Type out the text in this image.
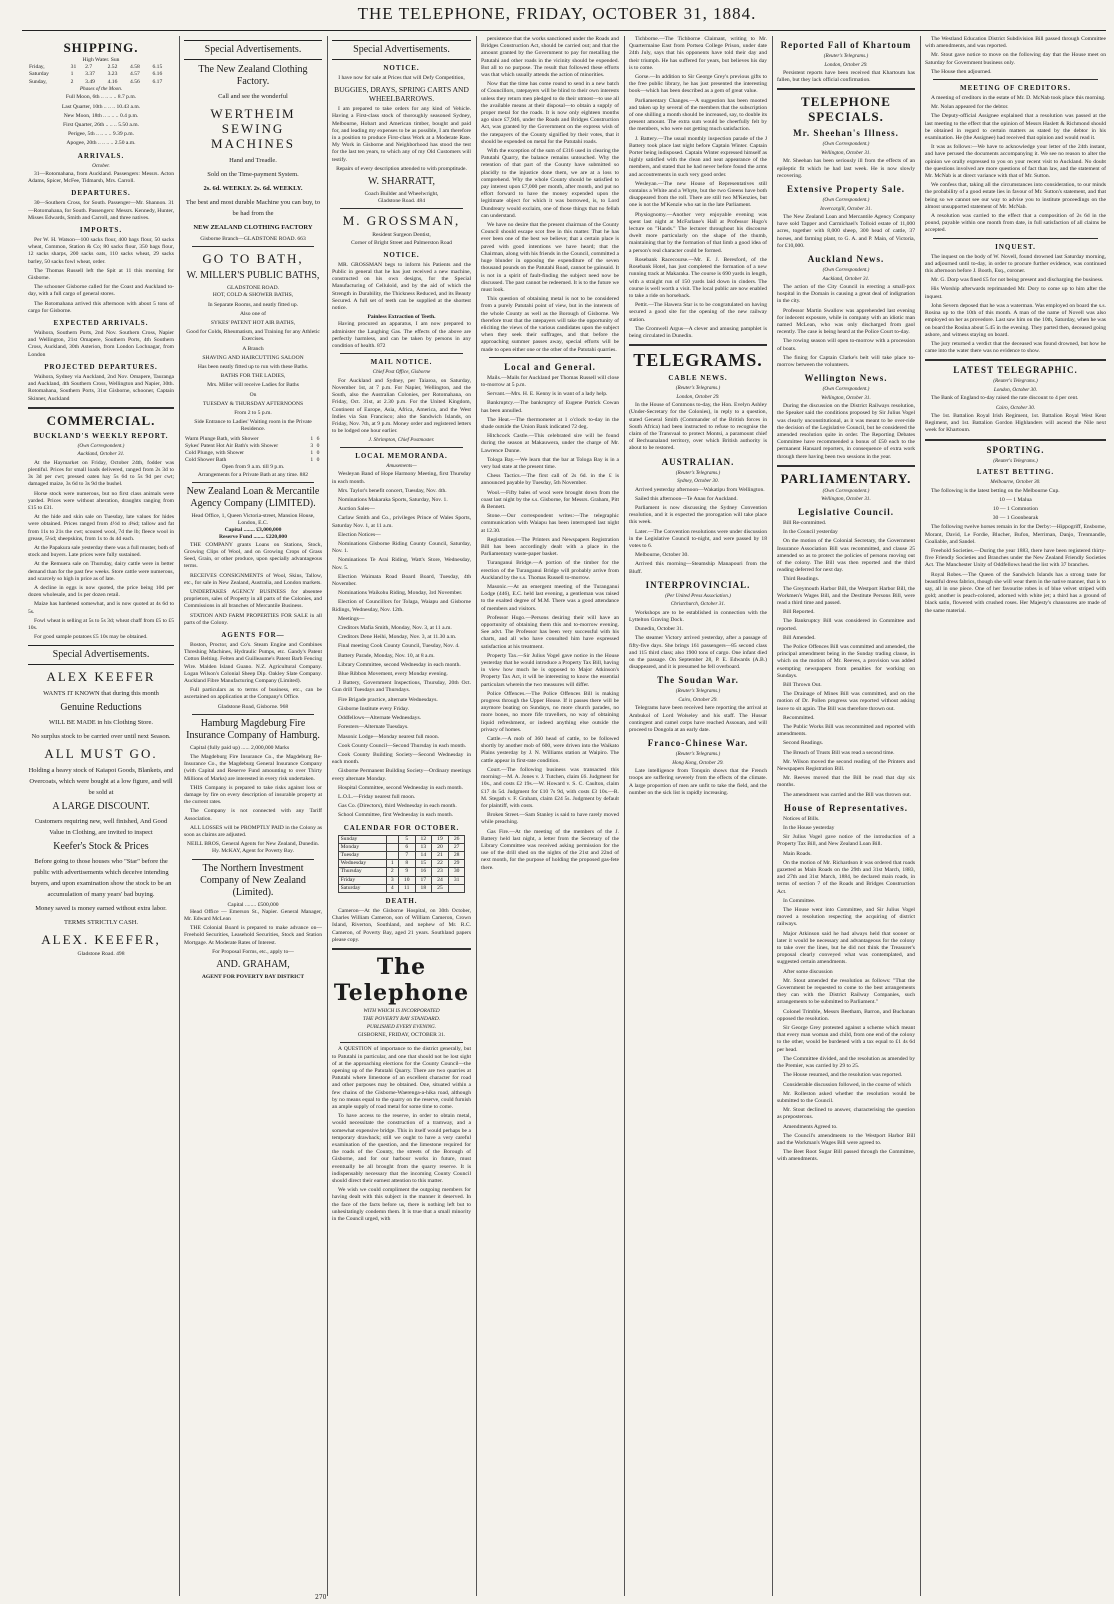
THE TELEPHONE, FRIDAY, OCTOBER 31, 1884.
SHIPPING.
High Water. Sun
Friday,	31	2.7	2.52	4.58	6.15
Saturday	1	3.37	3.23	4.57	6.16
Sunday,	2	3.49	4.16	4.56	6.17
Phases of the Moon.

Full Moon, 6th .. .. .. .. 8.7 p.m.

Last Quarter, 10th .. .. .. 10.43 a.m.

New Moon, 18th .. .. .. .. 0.4 p.m.

First Quarter, 26th .. .. .. 5.50 a.m.

Perigee, 5th .. .. .. .. 9.39 p.m.

Apogee, 20th .. .. .. .. 2.50 a.m.

ARRIVALS.
October.

31—Rotomahana, from Auckland. Passengers: Messrs. Acton Adams, Spicer, McFee, Tidmarsh, Mrs. Carroll.

DEPARTURES.

30—Southern Cross, for South. Passenger—Mr. Shannon. 31—Rotomahana, for South. Passengers: Messrs. Kennedy, Hunter, Misses Edwards, Smith and Carroll, and three natives.

IMPORTS.

Per W. H. Watson—100 sacks flour, 400 bags flour, 50 sacks wheat, Common, Station & Co; 80 sacks flour, 350 bags flour, 12 sacks sharps, 200 sacks oats, 110 sacks wheat, 29 sacks barley, 50 sacks fowl wheat, order.

The Thomas Russell left the Spit at 11 this morning for Gisborne.

The schooner Gisborne called for the Coast and Auckland to-day, with a full cargo of general stores.

The Rotomahana arrived this afternoon with about 5 tons of cargo for Gisborne.

EXPECTED ARRIVALS.

Waihora, Southern Ports, 2nd Nov. Southern Cross, Napier and Wellington, 21st Omapere, Southern Ports, 4th Southern Cross, Auckland, 30th Asterion, from London Lochnagar, from London

PROJECTED DEPARTURES.

Waihora, Sydney via Auckland, 2nd Nov. Omapere, Tauranga and Auckland, 4th Southern Cross, Wellington and Napier, 30th. Rotomahana, Southern Ports, 31st Gisborne, schooner, Captain Skinner, Auckland

COMMERCIAL.
BUCKLAND'S WEEKLY REPORT.
(Own Correspondent.)
Auckland, October 31.

At the Haymarket on Friday, October 24th, fodder was plentiful. Prices for small loads delivered, ranged from 2s 3d to 3s 3d per cwt; pressed oaten hay 5s 6d to 5s 9d per cwt; damaged maize, 3s 6d to 3s 9d the bushel.

Horse stock were numerous, but no first class animals were yarded. Prices were without alteration, draughts ranging from £15 to £31.

At the hide and skin sale on Tuesday, late values for hides were obtained. Prices ranged from 4½d to 4¾d; tallow and fat from 11s to 21s the cwt; scoured wool, 7d the lb; fleece wool in grease, 5¼d; sheepskins, from 1s to 4s 4d each.

At the Papakura sale yesterday there was a full muster, both of stock and buyers. Late prices were fully sustained.

At the Remuera sale on Thursday, dairy cattle were in better demand than for the past few weeks. Store cattle were numerous, and scarcely so high in price as of late.

A decline in eggs is now quoted, the price being 10d per dozen wholesale, and 1s per dozen retail.

Maize has hardened somewhat, and is now quoted at 4s 6d to 5s.

Fowl wheat is selling at 5s to 5s 3d; wheat chaff from £5 to £5 10s.

For good sample potatoes £5 10s may be obtained.

Special Advertisements.
ALEX KEEFER
WANTS IT KNOWN that during this month
Genuine Reductions
WILL BE MADE in his Clothing Store.
No surplus stock to be carried over until next Season.
ALL MUST GO.
Holding a heavy stock of Kaiapoi Goods, Blankets, and Overcoats, which were bought at a low figure, and will be sold at
A LARGE DISCOUNT.
Customers requiring new, well finished, And Good Value in Clothing, are invited to inspect
Keefer's Stock & Prices
Before going to those houses who "Star" before the public with advertisements which deceive intending buyers, and upon examination show the stock to be an accumulation of many years' bad buying.
Money saved is money earned without extra labor.
TERMS STRICTLY CASH.
ALEX. KEEFER,
Gladstone Road. 498
Special Advertisements.
The New Zealand Clothing Factory.
Call and see the wonderful
WERTHEIM SEWING MACHINES
Hand and Treadle.
Sold on the Time-payment System.
2s. 6d. WEEKLY. 2s. 6d. WEEKLY.
The best and most durable Machine you can buy, to be had from the
NEW ZEALAND CLOTHING FACTORY
Gisborne Branch—GLADSTONE ROAD. 663
GO TO BATH,
W. MILLER'S PUBLIC BATHS,
GLADSTONE ROAD.

HOT, COLD & SHOWER BATHS,

In Separate Rooms, and neatly fitted up.

Also one of

SYKES' PATENT HOT AIR BATHS,

Good for Colds, Rheumatism, and Training for any Athletic Exercises.

A Branch

SHAVING AND HAIRCUTTING SALOON

Has been neatly fitted up to run with these Baths.

BATHS FOR THE LADIES,

Mrs. Miller will receive Ladies for Baths

On

TUESDAY & THURSDAY AFTERNOONS

From 2 to 5 p.m.

Side Entrance to Ladies' Waiting room in the Private Residence.

Warm Plunge Bath, with Shower	1	6
Sykes' Patent Hot Air Bath's with Shower	3	0
Cold Plunge, with Shower	1	0
Cold Shower Bath	1	0
Open from 9 a.m. till 9 p.m.
Arrangements for a Private Bath at any time. 882
New Zealand Loan & Mercantile Agency Company (LIMITED).
Head Office, 1, Queen Victoria-street, Mansion House, London, E.C.
Capital ........ £3,000,000
Reserve Fund ........ £220,000

THE COMPANY grants Loans on Stations, Stock, Growing Clips of Wool, and on Growing Crops of Grass Seed, Grain, or other produce, upon specially advantageous terms.

RECEIVES CONSIGNMENTS of Wool, Skins, Tallow, etc., for sale in New Zealand, Australia, and London markets.

UNDERTAKES AGENCY BUSINESS for absentee proprietors, sales of Property in all parts of the Colonies, and Commissions in all branches of Mercantile Business.

STATION AND FARM PROPERTIES FOR SALE in all parts of the Colony.

AGENTS FOR—

Boston, Proctor, and Co's. Steam Engine and Combines Threshing Machines, Hydraulic Pumps, etc. Gandy's Patent Cotton Belting. Felten and Guilleaume's Patent Barb Fencing Wire. Malden Island Guano. N.Z. Agricultural Company. Logan Wilson's Colonial Sheep Dip. Oakley Slate Company. Auckland Fibre Manufacturing Company (Limited).

Full particulars as to terms of business, etc., can be ascertained on application at the Company's Office.

Gladstone Road, Gisborne. 968
Hamburg Magdeburg Fire Insurance Company of Hamburg.

Capital (fully paid up) ...... 2,000,000 Marks

The Magdeburg Fire Insurance Co., the Magdeburg Re-Insurance Co., the Magdeburg General Insurance Company (with Capital and Reserve Fund amounting to over Thirty Millions of Marks) are interested in every risk undertaken.

THIS Company is prepared to take risks against loss or damage by fire on every description of insurable property at the current rates.

The Company is not connected with any Tariff Association.

ALL LOSSES will be PROMPTLY PAID in the Colony as soon as claims are adjusted.

NEILL BROS, General Agents for New Zealand, Dunedin.
Hy. McKAY, Agent for Poverty Bay.
The Northern Investment Company of New Zealand (Limited).
Capital ........ £500,000

Head Office — Emerson St., Napier. General Manager, Mr. Edward McLean

THE Colonial Board is prepared to make advance on— Freehold Securities, Leasehold Securities, Stock and Station Mortgage. At Moderate Rates of Interest.

For Proposal Forms, etc., apply to—
AND. GRAHAM,
AGENT FOR POVERTY BAY DISTRICT
Special Advertisements.
NOTICE.
I have now for sale at Prices that will Defy Competition,
BUGGIES, DRAYS, SPRING CARTS AND WHEELBARROWS.

I am prepared to take orders for any kind of Vehicle. Having a First-class stock of thoroughly seasoned Sydney, Melbourne, Hobart and American timber, bought and paid for, and leading my expenses to be as possible, I am therefore in a position to produce First-class Work at a Moderate Rate. My Work in Gisborne and Neighborhood has stood the test for the last ten years, to which any of my Old Customers will testify.

Repairs of every description attended to with promptitude.
W. SHARRATT,
Coach Builder and Wheelwright,
Gladstone Road. 484
M. GROSSMAN,
Resident Surgeon Dentist,
Corner of Bright Street and Palmerston Road
NOTICE.

MR. GROSSMAN begs to inform his Patients and the Public in general that he has just received a new machine, constructed on his own designs, for the Special Manufacturing of Celluloid, and by the aid of which the Strength in Durability, the Thickness Reduced, and its Beauty Secured. A full set of teeth can be supplied at the shortest notice.

Painless Extraction of Teeth.

Having procured an apparatus, I am now prepared to administer the Laughing Gas. The effects of the above are perfectly harmless, and can be taken by persons in any condition of health. 872

MAIL NOTICE.
Chief Post Office, Gisborne

For Auckland and Sydney, per Taiaroa, on Saturday, November 1st, at 7 p.m. For Napier, Wellington, and the South, also the Australian Colonies, per Rotomahana, on Friday, Oct. 31st, at 2.30 p.m. For the United Kingdom, Continent of Europe, Asia, Africa, America, and the West Indies via San Francisco; also the Sandwich Islands, on Friday, Nov. 7th, at 9 p.m. Money order and registered letters to be lodged one hour earlier.

J. Shrimpton, Chief Postmaster.
LOCAL MEMORANDA.
Amusements—

Wesleyan Band of Hope Harmony Meeting, first Thursday in each month.

Mrs. Taylor's benefit concert, Tuesday, Nov. 4th.

Nominations Makaraka Sports, Saturday, Nov. 1.

Auction Sales—

Carlaw Smith and Co., privileges Prince of Wales Sports, Saturday Nov. 1, at 11 a.m.

Election Notices—

Nominations Gisborne Riding County Council, Saturday, Nov. 1.

Nominations Te Arai Riding, Watt's Store, Wednesday, Nov. 5.

Election Waimata Road Board Board, Tuesday, 4th November.

Nominations Waikohu Riding, Monday, 3rd November.

Election of Councillors for Tolaga, Waiapu and Gisborne Ridings, Wednesday, Nov. 12th.

Meetings—

Creditors Mafia Smith, Monday, Nov. 3, at 11 a.m.

Creditors Dene Heihi, Monday, Nov. 3, at 11.30 a.m.

Final meeting Cook County Council, Tuesday, Nov. 4.

Battery Parade, Monday, Nov. 10, at 8 a.m.

Library Committee, second Wednesday in each month.

Blue Ribbon Movement, every Monday evening.

J Battery, Government Inspections, Thursday, 20th Oct. Gun drill Tuesdays and Thursdays.

Fire Brigade practice, alternate Wednesdays.

Gisborne Institute every Friday.

Oddfellows—Alternate Wednesdays.

Foresters—Alternate Tuesdays.

Masonic Lodge—Monday nearest full moon.

Cook County Council—Second Thursday in each month.

Cook County Building Society—Second Wednesday in each month.

Gisborne Permanent Building Society—Ordinary meetings every alternate Monday.

Hospital Committee, second Wednesday in each month.

L.O.L.—Friday nearest full moon.

Gas Co. (Directors), third Wednesday in each month.

School Committee, first Wednesday in each month.

CALENDAR FOR OCTOBER.
Sunday		5	12	19	26
Monday		6	13	20	27
Tuesday		7	14	21	28
Wednesday	1	8	15	22	29
Thursday	2	9	16	23	30
Friday	3	10	17	24	31
Saturday	4	11	18	25	
DEATH.

Cameron—At the Gisborne Hospital, on 30th October, Charles William Cameron, son of William Cameron, Crown Island, Riverton, Southland, and nephew of Mr. R.C. Cameron, of Poverty Bay, aged 21 years. Southland papers please copy.

The Telephone
WITH WHICH IS INCORPORATED
THE POVERTY BAY STANDARD.
PUBLISHED EVERY EVENING.
GISBORNE, FRIDAY, OCTOBER 31.

A QUESTION of importance to the district generally, but to Patutahi in particular, and one that should not be lost sight of at the approaching elections for the County Council—the opening up of the Patutahi Quarry. There are two quarries at Patutahi where limestone of an excellent character for road and other purposes may be obtained. One, situated within a few chains of the Gisborne-Waerenga-a-hika road, although by no means equal to the quarry on the reserve, could furnish an ample supply of road metal for some time to come.

To have access to the reserve, in order to obtain metal, would necessitate the construction of a tramway, and a somewhat expensive bridge. This in itself would perhaps be a temporary drawback; still we ought to have a very careful examination of the question, and the limestone required for the roads of the County, the streets of the Borough of Gisborne, and for our harbour works in future, must eventually be all brought from the quarry reserve. It is indispensably necessary that the incoming County Council should direct their earnest attention to this matter.

We wish we could compliment the outgoing members for having dealt with this subject in the manner it deserved. In the face of the facts before us, there is nothing left but to unhesitatingly condemn them. It is true that a small minority in the Council urged, with

persistence that the works sanctioned under the Roads and Bridges Construction Act, should be carried out; and that the amount granted by the Government to pay for metalling the Patutahi and other roads in the vicinity should be expended. But all to no purpose. The result that followed these efforts was that which usually attends the action of minorities.

Now that the time has come round to send in a new batch of Councillors, ratepayers will be blind to their own interests unless they return men pledged to do their utmost—to use all the available means at their disposal—to obtain a supply of proper metal for the roads. It is now only eighteen months ago since £7,946, under the Roads and Bridges Construction Act, was granted by the Government on the express wish of the ratepayers of the County signified by their votes, that it should be expended on metal for the Patutahi roads.

With the exception of the sum of £316 used in clearing the Patutahi Quarry, the balance remains untouched. Why the retention of that part of the County have submitted so placidly to the injustice done them, we are at a loss to comprehend. Why the whole County should be satisfied to pay interest upon £7,000 per month, after month, and put no effort forward to have the money expended upon the legitimate object for which it was borrowed, is, to Lord Dundreary would exclaim, one of those things that no fellah can understand.

We have no desire that the present chairman of the County Council should escape scot free in this matter. That he has ever been one of the best we believe; that a certain place is paved with good intentions we have heard; that the Chairman, along with his friends in the Council, committed a huge blunder in opposing the expenditure of the seven thousand pounds on the Patutahi Road, cannot be gainsaid. It is not in a spirit of fault-finding the subject need now be discussed. The past cannot be redeemed. It is to the future we must look.

This question of obtaining metal is not to be considered from a purely Patutahi point of view, but in the interests of the whole County as well as the Borough of Gisborne. We therefore trust that the ratepayers will take the opportunity of eliciting the views of the various candidates upon the subject when they seek their suffrages, and that before the approaching summer passes away, special efforts will be made to open either one or the other of the Patutahi quarries.

Local and General.

Mails.—Mails for Auckland per Thomas Russell will close to-morrow at 5 p.m.

Servant.—Mrs. H. E. Kenny is in want of a lady help.

Bankruptcy.—The bankruptcy of Eugene Patrick Cowan has been annulled.

The Heat.—The thermometer at 1 o'clock to-day in the shade outside the Union Bank indicated 72 deg.

Hitchcock Castle.—This celebrated sire will be found during the season at Makauwera, under the charge of Mr. Lawrence Dunne.

Tologa Bay.—We learn that the bar at Tologa Bay is in a very bad state at the present time.

Chess Tactics.—The first call of 2s 6d. in the £ is announced payable by Tuesday, 5th November.

Wool.—Fifty bales of wool were brought down from the coast last night by the s.s. Gisborne, for Messrs. Graham, Pitt & Bennett.

Stone.—Our correspondent writes:—The telegraphic communication with Waiapu has been interrupted last night at 12.30.

Registration.—The Printers and Newspapers Registration Bill has been accordingly dealt with a place in the Parliamentary waste-paper basket.

Turanganui Bridge.—A portion of the timber for the erection of the Turanganui Bridge will probably arrive from Auckland by the s.s. Thomas Russell to-morrow.

Masonic.—At an emergent meeting of the Turanganui Lodge (446), E.C. held last evening, a gentleman was raised to the exalted degree of M.M. There was a good attendance of members and visitors.

Professor Hugo.—Persons desiring their will have an opportunity of obtaining them this and to-morrow evening. See advt. The Professor has been very successful with his charts, and all who have consulted him have expressed satisfaction at his treatment.

Property Tax.—Sir Julius Vogel gave notice in the House yesterday that he would introduce a Property Tax Bill, having in view how much he is opposed to Major Atkinson's Property Tax Act, it will be interesting to know the essential particulars wherein the two measures will differ.

Police Offences.—The Police Offences Bill is making progress through the Upper House. If it passes there will be anymore boating on Sundays, no more church parades, no more bones, no more fife travellers, no way of obtaining liquid refreshment, or indeed anything else outside the privacy of homes.

Cattle.—A mob of 360 head of cattle, to be followed shortly by another mob of 600, were driven into the Waikato Plains yesterday by J. N. Williams station at Waipiro. The cattle appear in first-rate condition.

Court.—The following business was transacted this morning:—M. A. Jones v. J. Tutchen, claim £6. Judgment for 10s., and costs £2 19s.—W. Howard v. S. C. Caulton, claim £17 4s 5d. Judgment for £10 7s 9d, with costs £3 10s.—R. M. Stegath v. F. Graham, claim £24 5s. Judgment by default for plaintiff, with costs.

Broken Street.—Sam Stanley is said to have rarely moved while preaching.

Gas Fire.—At the meeting of the members of the J. Battery held last night, a letter from the Secretary of the Library Committee was received asking permission for the use of the drill shed on the nights of the 21st and 22nd of next month, for the purpose of holding the proposed gas-fete there.

Tichborne.—The Tichborne Claimant, writing to Mr. Quartermaine East from Portsea College Prison, under date 24th July, says that his opponents have told their day and their triumph. He has suffered for years, but believes his day is to come.

Gorse.—In addition to Sir George Grey's previous gifts to the free public library, he has just presented the interesting book—which has been described as a gem of great value.

Parliamentary Changes.—A suggestion has been mooted and taken up by several of the members that the subscription of one shilling a month should be increased, say, to double its present amount. The extra sum would be cheerfully felt by the members, who were not getting much satisfaction.

J. Battery.—The usual monthly inspection parade of the J Battery took place last night before Captain Winter. Captain Porter being indisposed. Captain Winter expressed himself as highly satisfied with the clean and neat appearance of the members, and stated that he had never before found the arms and accoutrements in such very good order.

Wesleyan.—The new House of Representatives still contains a White and a Whyte, but the two Greens have both disappeared from the roll. There are still two M'Kenzies, but one is not the M'Kenzie who sat in the late Parliament.

Physiognomy.—Another very enjoyable evening was spent last night at McFarlane's Hall at Professor Hugo's lecture on "Hands." The lecturer throughout his discourse dwelt more particularly on the shape of the thumb, maintaining that by the formation of that limb a good idea of a person's real character could be formed.

Rosebank Racecourse.—Mr. E. J. Beresford, of the Rosebank Hotel, has just completed the formation of a new running track at Makaraka. The course is 690 yards in length, with a straight run of 150 yards laid down in cinders. The course is well worth a visit. The local public are now enabled to take a ride on horseback.

Pettit.—The Hawera Star is to be congratulated on having secured a good site for the opening of the new railway station.

The Cromwell Argus—A clever and amusing pamphlet is being circulated in Dunedin.

TELEGRAMS.
CABLE NEWS.
(Reuter's Telegrams.)
London, October 29.

In the House of Commons to-day, the Hon. Evelyn Ashley (Under-Secretary for the Colonies), in reply to a question, stated General Smith (Commander of the British forces in South Africa) had been instructed to refuse to recognise the claim of the Transvaal to protect Montsi, a paramount chief of Bechuanaland territory, over which British authority is about to be restored.

AUSTRALIAN.
(Reuter's Telegrams.)
Sydney, October 30.

Arrived yesterday afternoon—Wakatipu from Wellington.

Sailed this afternoon—Te Anau for Auckland.

Parliament is now discussing the Sydney Convention resolution, and it is expected the prorogation will take place this week.

Later.—The Convention resolutions were under discussion in the Legislative Council to-night, and were passed by 18 votes to 6.

Melbourne, October 30.

Arrived this morning—Steamship Manapouri from the Bluff.

INTERPROVINCIAL.
(Per United Press Association.)
Christchurch, October 31.

Workshops are to be established in connection with the Lyttelton Graving Dock.

Dunedin, October 31.

The steamer Victory arrived yesterday, after a passage of fifty-five days. She brings 161 passengers—85 second class and 115 third class; also 1900 tons of cargo. One infant died on the passage. On September 28, P. E. Edwards (A.B.) disappeared, and it is presumed he fell overboard.

The Soudan War.
(Reuter's Telegrams.)
Cairo, October 29.

Telegrams have been received here reporting the arrival at Ambukol of Lord Wolseley and his staff. The Hussar contingent and camel corps have reached Assouan, and will proceed to Dongola at an early date.

Franco-Chinese War.
(Reuter's Telegrams.)
Hong Kong, October 29.

Late intelligence from Tonquin shows that the French troops are suffering severely from the effects of the climate. A large proportion of men are unfit to take the field, and the number on the sick list is rapidly increasing.

Reported Fall of Khartoum
(Reuter's Telegrams.)
London, October 29.

Persistent reports have been received that Khartoum has fallen, but they lack official confirmation.

TELEPHONE SPECIALS.
Mr. Sheehan's Illness.
(Own Correspondent.)
Wellington, October 31.

Mr. Sheehan has been seriously ill from the effects of an epileptic fit which he had last week. He is now slowly recovering.

Extensive Property Sale.
(Own Correspondent.)
Invercargill, October 31.

The New Zealand Loan and Mercantile Agency Company have sold Tapper and Carmichael's Tolloid estate of 11,000 acres, together with 8,000 sheep, 300 head of cattle, 37 horses, and farming plant, to G. A. and P. Main, of Victoria, for £10,000.

Auckland News.
(Own Correspondent.)
Auckland, October 31.

The action of the City Council in erecting a small-pox hospital in the Domain is causing a great deal of indignation in the city.

Professor Martin Swallow was apprehended last evening for indecent exposure, while in company with an idiotic man named McLean, who was only discharged from gaol recently. The case is being heard at the Police Court to-day.

The rowing season will open to-morrow with a procession of boats.

The fining for Captain Clarke's belt will take place to-morrow between the volunteers.

Wellington News.
(Own Correspondent.)
Wellington, October 31.

During the discussion on the District Railways resolution, the Speaker said the conditions proposed by Sir Julius Vogel was clearly unconstitutional, as it was meant to be over-ride the decision of the Legislative Council, but he considered the amended resolution quite in order. The Reporting Debates Committee have recommended a bonus of £50 each to the permanent Hansard reporters, in consequence of extra work through there having been two sessions in the year.

PARLIAMENTARY.
(Own Correspondent.)
Wellington, October 31.
Legislative Council.

Bill Re-committed.

In the Council yesterday

On the motion of the Colonial Secretary, the Government Insurance Association Bill was recommitted, and clause 25 amended so as to protect the policies of persons moving out of the colony. The Bill was then reported and the third reading deferred for next day.

Third Readings.

The Greymouth Harbor Bill, the Westport Harbor Bill, the Workmen's Wages Bill, and the Destitute Persons Bill, were read a third time and passed.

Bill Reported.

The Bankruptcy Bill was considered in Committee and reported.

Bill Amended.

The Police Offences Bill was committed and amended, the principal amendment being in the Sunday trading clause, in which on the motion of Mr. Reeves, a provision was added exempting newspapers from penalties for working on Sundays.

Bill Thrown Out.

The Drainage of Mines Bill was committed, and on the motion of Dr. Pollen progress was reported without asking leave to sit again. The Bill was therefore thrown out.

Recommitted.

The Public Works Bill was recommitted and reported with amendments.

Second Readings.

The Breach of Trusts Bill was read a second time.

Mr. Wilson moved the second reading of the Printers and Newspapers Registration Bill.

Mr. Reeves moved that the Bill be read that day six months.

The amendment was carried and the Bill was thrown out.

House of Representatives.

Notices of Bills.

In the House yesterday

Sir Julius Vogel gave notice of the introduction of a Property Tax Bill, and New Zealand Loan Bill.

Main Roads.

On the motion of Mr. Richardson it was ordered that roads gazetted as Main Roads on the 29th and 31st March, 1883, and 27th and 31st March, 1884, be declared main roads, in terms of section 7 of the Roads and Bridges Construction Act.

In Committee.

The House went into Committee, and Sir Julius Vogel moved a resolution respecting the acquiring of district railways.

Major Atkinson said he had always held that sooner or later it would be necessary and advantageous for the colony to take over the lines, but he did not think the Treasurer's proposal clearly conveyed what was contemplated, and suggested certain amendments.

After some discussion

Mr. Stout amended the resolution as follows: "That the Government be requested to come to the best arrangements they can with the District Railway Companies, such arrangements to be submitted to Parliament."

Colonel Trimble, Messrs Beetham, Barron, and Buchanan opposed the resolution.

Sir George Grey protested against a scheme which meant that every man woman and child, from one end of the colony to the other, would be burdened with a tax equal to £1 4s 6d per head.

The Committee divided, and the resolution as amended by the Premier, was carried by 29 to 25.

The House resumed, and the resolution was reported.

Considerable discussion followed, in the course of which

Mr. Rolleston asked whether the resolution would be submitted to the Council.

Mr. Stout declined to answer, characterising the question as preposterous.

Amendments Agreed to.

The Council's amendments to the Westport Harbor Bill and the Workman's Wages Bill were agreed to.

The Beet Root Sugar Bill passed through the Committee, with amendments.

The Westland Education District Subdivision Bill passed through Committee with amendments, and was reported.

Mr. Stout gave notice to move on the following day that the House meet on Saturday for Government business only.

The House then adjourned.

MEETING OF CREDITORS.

A meeting of creditors in the estate of Mr. D. McNab took place this morning.

Mr. Nolan appeared for the debtor.

The Deputy-official Assignee explained that a resolution was passed at the last meeting to the effect that the opinion of Messrs Haslett & Richmond should be obtained in regard to certain matters as stated by the debtor in his examination. He (the Assignee) had received that opinion and would read it.

It was as follows:—We have to acknowledge your letter of the 24th instant, and have perused the documents accompanying it. We see no reason to alter the opinion we orally expressed to you on your recent visit to Auckland. No doubt the questions involved are more questions of fact than law, and the statement of Mr. McNab is at direct variance with that of Mr. Sutton.

We confess that, taking all the circumstances into consideration, to our minds the probability of a good estate lies in favour of Mr. Sutton's statement, and that being so we cannot see our way to advise you to institute proceedings on the almost unsupported statement of Mr. McNab.

A resolution was carried to the effect that a composition of 2s 6d in the pound, payable within one month from date, in full satisfaction of all claims be accepted.

INQUEST.

The inquest on the body of W. Novell, found drowned last Saturday morning, and adjourned until to-day, in order to procure further evidence, was continued this afternoon before J. Booth, Esq., coroner.

Mr. G. Dorp was fined £5 for not being present and discharging the business.

His Worship afterwards reprimanded Mr. Dory to come up to him after the inquest.

John Severn deposed that he was a waterman. Was employed on board the s.s. Rosina up to the 10th of this month. A man of the name of Novell was also employed on her as provedore. Last saw him on the 10th, Saturday, when he was on board the Rosina about 5.45 in the evening. They parted then, deceased going ashore, and witness staying on board.

The jury returned a verdict that the deceased was found drowned, but how he came into the water there was no evidence to show.

LATEST TELEGRAPHIC.
(Reuter's Telegrams.)
London, October 30.

The Bank of England to-day raised the rate discount to 4 per cent.

Cairo, October 30.

The 1st. Battalion Royal Irish Regiment, 1st. Battalion Royal West Kent Regiment, and 1st. Battalion Gordon Highlanders will ascend the Nile next week for Khartoum.

SPORTING.
(Reuter's Telegrams.)
LATEST BETTING.
Melbourne, October 30.

The following is the latest betting on the Melbourne Cup.

10 — 1 Malua

10 — 1 Commotion

30 — 1 Goonbearak

The following twelve horses remain in for the Derby:—Hippogriff, Ensborne, Morant, David, Le Fordie, Blucher, Bufon, Merriman, Danjo, Trenmandle, Goaliable, and Sandel.

Freehold Societies.—During the year 1883, there have been registered thirty-five Friendly Societies and Branches under the New Zealand Friendly Societies Act. The Manchester Unity of Oddfellows head the list with 37 branches.

Royal Robes.—The Queen of the Sandwich Islands has a strong taste for beautiful dress fabrics, though she will wear them in the native manner, that is to say, all in one piece. One of her favourite robes is of blue velvet striped with gold; another is peach-colored, adorned with white jet; a third has a ground of black satin, flowered with crushed roses. Her Majesty's chaussures are made of the same material.

270
